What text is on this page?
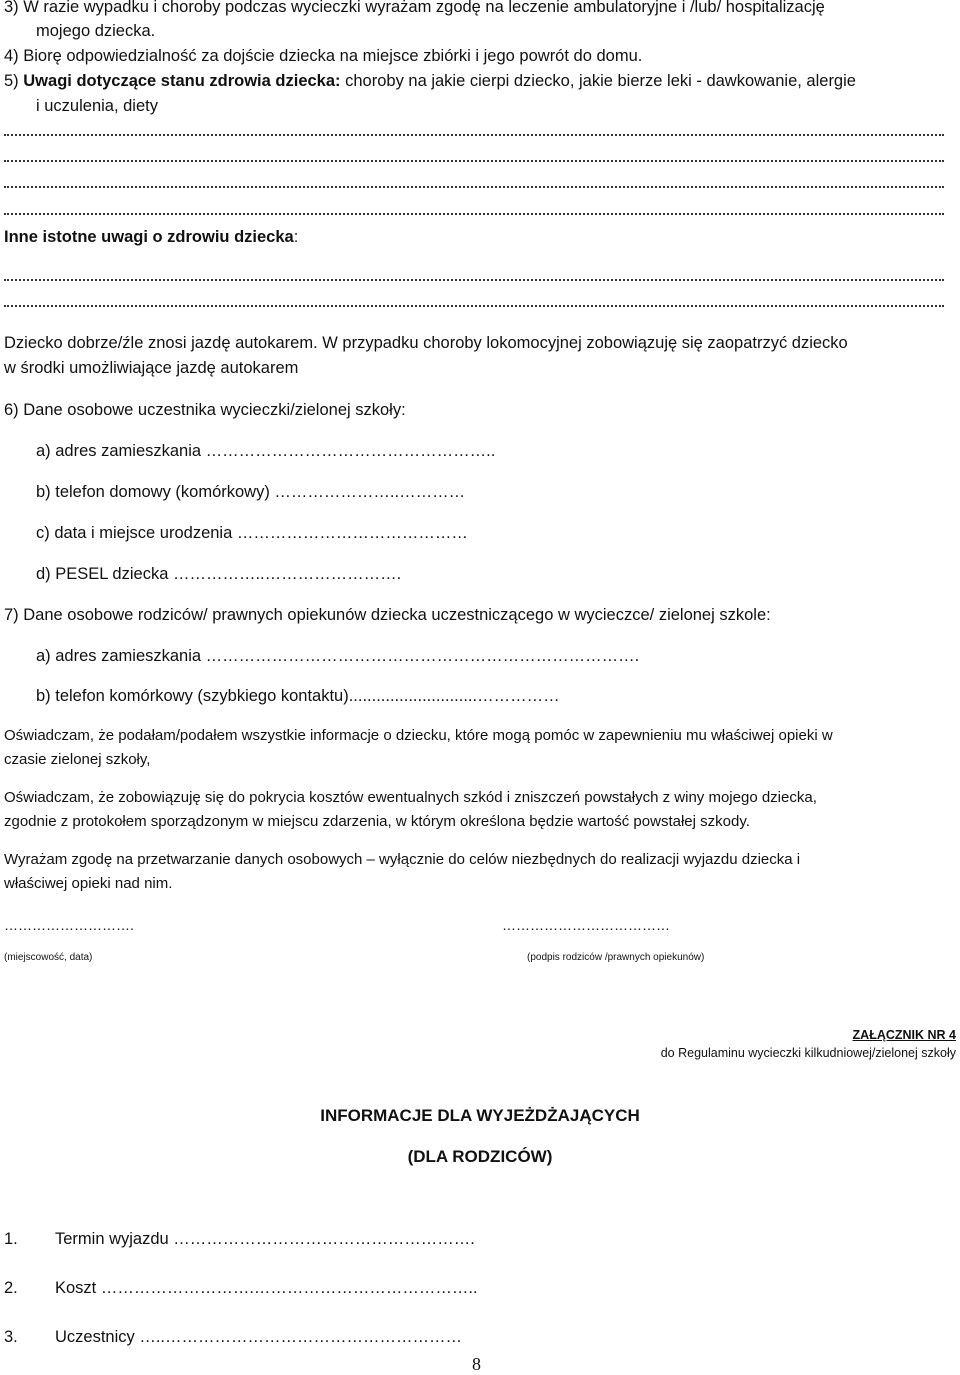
3) W razie wypadku i choroby podczas wycieczki wyrażam zgodę na leczenie ambulatoryjne i /lub/ hospitalizację
mojego dziecka.
4) Biorę odpowiedzialność za dojście dziecka na miejsce zbiórki i jego powrót do domu.
5) Uwagi dotyczące stanu zdrowia dziecka: choroby na jakie cierpi dziecko, jakie bierze leki - dawkowanie, alergie
i uczulenia, diety
Inne istotne uwagi o zdrowiu dziecka:
Dziecko dobrze/źle znosi jazdę autokarem. W przypadku choroby lokomocyjnej zobowiązuję się zaopatrzyć dziecko
w środki umożliwiające jazdę autokarem
6) Dane osobowe uczestnika wycieczki/zielonej szkoły:
a) adres zamieszkania ……………………………………………..
b) telefon domowy (komórkowy) …………………..…………
c) data i miejsce urodzenia ……………………………………
d) PESEL dziecka ……………..…………………….
7) Dane osobowe rodziców/ prawnych opiekunów dziecka uczestniczącego w wycieczce/ zielonej szkole:
a) adres zamieszkania …………………………………………………………………….
b) telefon komórkowy (szybkiego kontaktu)............................……………
Oświadczam, że podałam/podałem wszystkie informacje o dziecku, które mogą pomóc w zapewnieniu mu właściwej opieki w
czasie zielonej szkoły,
Oświadczam, że zobowiązuję się do pokrycia kosztów ewentualnych szkód i zniszczeń powstałych z winy mojego dziecka,
zgodnie z protokołem sporządzonym w miejscu zdarzenia, w którym określona będzie wartość powstałej szkody.
Wyrażam zgodę na przetwarzanie danych osobowych – wyłącznie do celów niezbędnych do realizacji wyjazdu dziecka i
właściwej opieki nad nim.
……………………….	………………………………
(miejscowość, data)	(podpis rodziców /prawnych opiekunów)
ZAŁĄCZNIK NR 4
do Regulaminu wycieczki kilkudniowej/zielonej szkoły
INFORMACJE DLA WYJEŻDŻAJĄCYCH
(DLA RODZICÓW)
1. Termin wyjazdu ……………………………………………….
2. Koszt ……………………….…………………………………..
3. Uczestnicy …..………………………………………………
8
